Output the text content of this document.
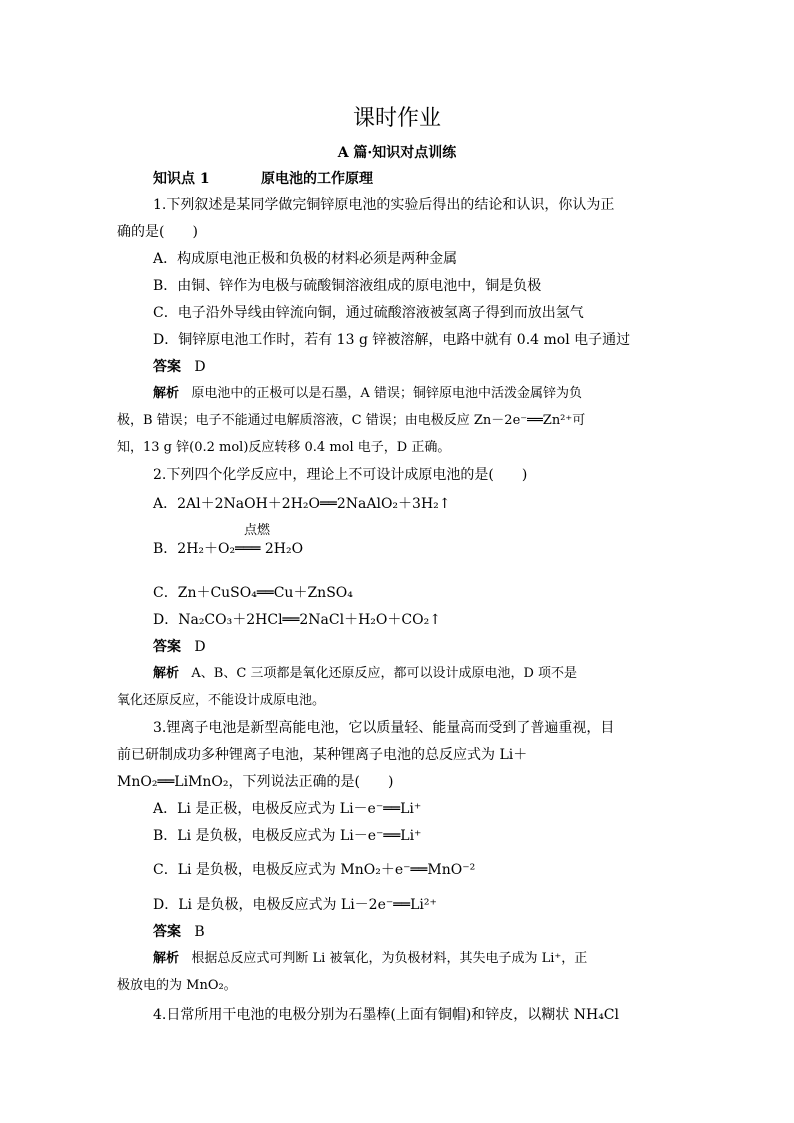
课时作业
A 篇·知识对点训练
知识点 1	原电池的工作原理
1.下列叙述是某同学做完铜锌原电池的实验后得出的结论和认识，你认为正
确的是(　　)
A．构成原电池正极和负极的材料必须是两种金属
B．由铜、锌作为电极与硫酸铜溶液组成的原电池中，铜是负极
C．电子沿外导线由锌流向铜，通过硫酸溶液被氢离子得到而放出氢气
D．铜锌原电池工作时，若有 13 g 锌被溶解，电路中就有 0.4 mol 电子通过
答案 D
解析 原电池中的正极可以是石墨，A 错误；铜锌原电池中活泼金属锌为负
极，B 错误；电子不能通过电解质溶液，C 错误；由电极反应 Zn－2e⁻══Zn²⁺可
知，13 g 锌(0.2 mol)反应转移 0.4 mol 电子，D 正确。
2.下列四个化学反应中，理论上不可设计成原电池的是(　　)
A．2Al＋2NaOH＋2H₂O══2NaAlO₂＋3H₂↑
点燃
B．2H₂＋O₂═══ 2H₂O
C．Zn＋CuSO₄══Cu＋ZnSO₄
D．Na₂CO₃＋2HCl══2NaCl＋H₂O＋CO₂↑
答案 D
解析 A、B、C 三项都是氧化还原反应，都可以设计成原电池，D 项不是
氧化还原反应，不能设计成原电池。
3.锂离子电池是新型高能电池，它以质量轻、能量高而受到了普遍重视，目
前已研制成功多种锂离子电池，某种锂离子电池的总反应式为 Li＋
MnO₂══LiMnO₂，下列说法正确的是(　　)
A．Li 是正极，电极反应式为 Li－e⁻══Li⁺
B．Li 是负极，电极反应式为 Li－e⁻══Li⁺
C．Li 是负极，电极反应式为 MnO₂＋e⁻══MnO⁻²
D．Li 是负极，电极反应式为 Li－2e⁻══Li²⁺
答案 B
解析 根据总反应式可判断 Li 被氧化，为负极材料，其失电子成为 Li⁺，正
极放电的为 MnO₂。
4.日常所用干电池的电极分别为石墨棒(上面有铜帽)和锌皮，以糊状 NH₄Cl
